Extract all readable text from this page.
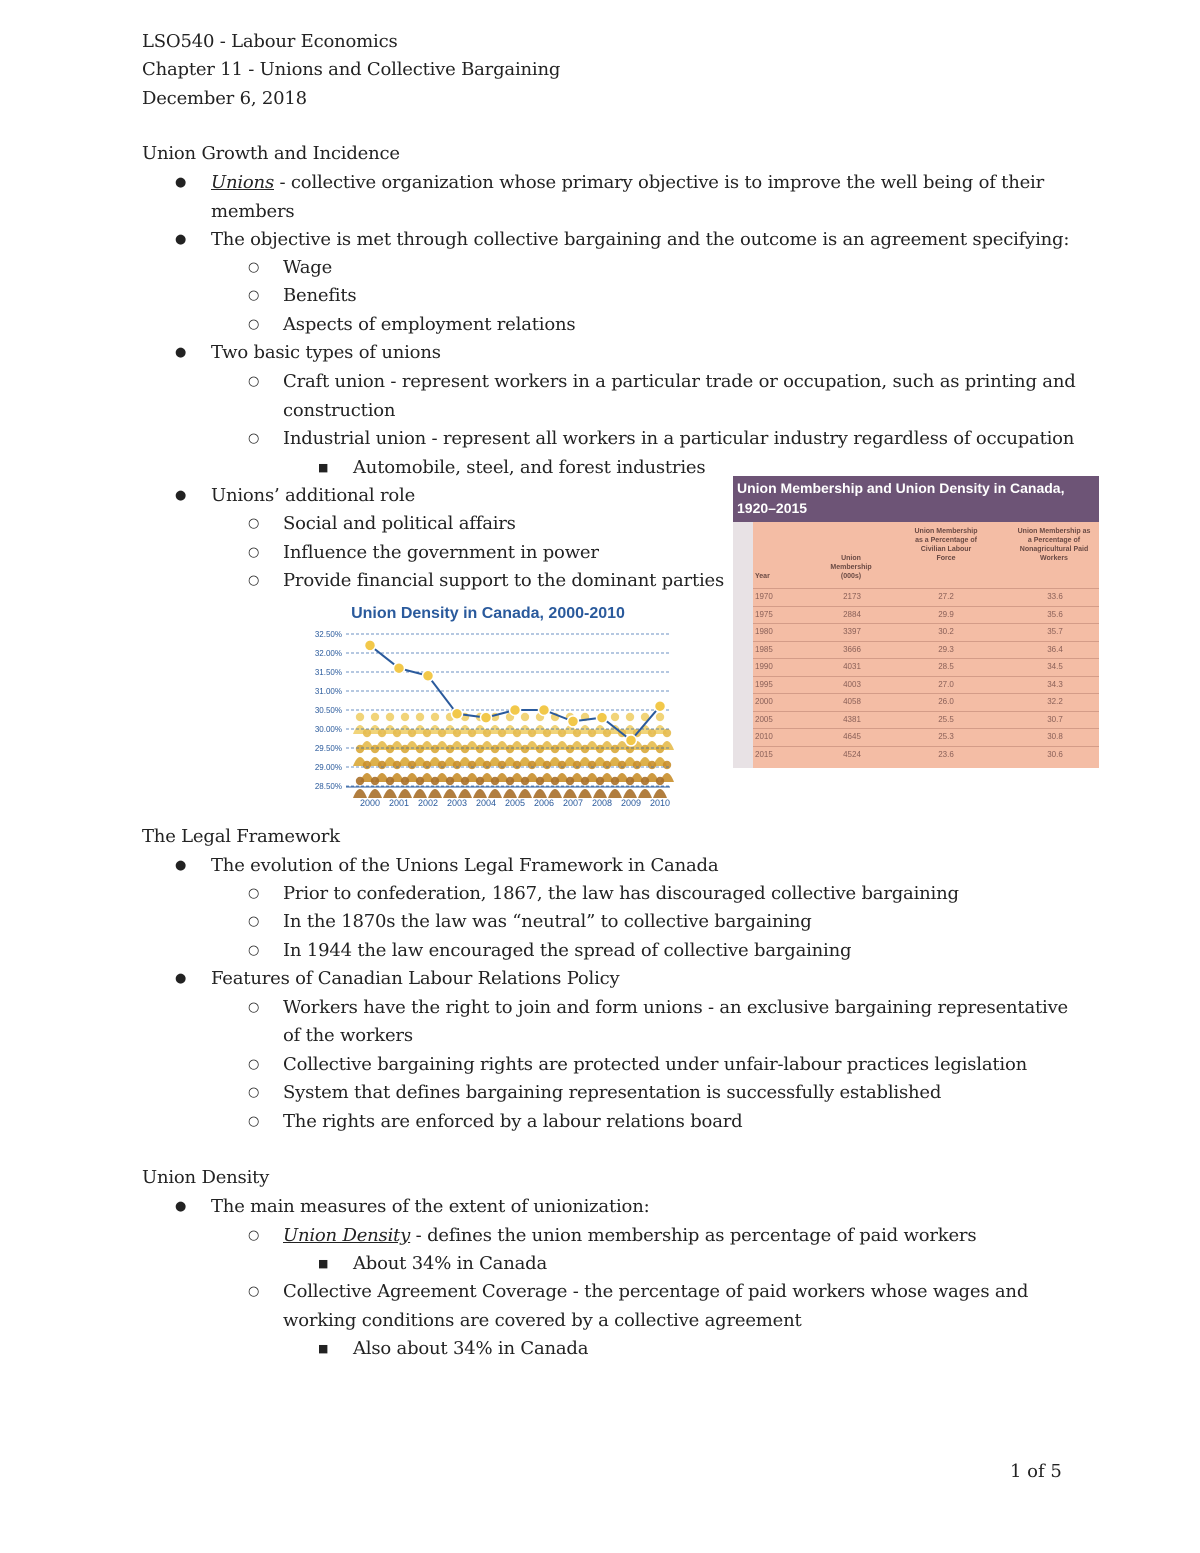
LSO540 - Labour Economics
Chapter 11 - Unions and Collective Bargaining
December 6, 2018
Union Growth and Incidence
● Unions - collective organization whose primary objective is to improve the well being of their
members
● The objective is met through collective bargaining and the outcome is an agreement specifying:
○ Wage
○ Benefits
○ Aspects of employment relations
● Two basic types of unions
○ Craft union - represent workers in a particular trade or occupation, such as printing and
construction
○ Industrial union - represent all workers in a particular industry regardless of occupation
■ Automobile, steel, and forest industries
● Unions’ additional role
○ Social and political affairs
○ Influence the government in power
○ Provide financial support to the dominant parties
Union Density in Canada, 2000-2010
32.50%
32.00%
31.50%
31.00%
30.50%
30.00%
29.50%
29.00%
28.50%
2000 2001 2002 2003 2004 2005 2006 2007 2008 2009 2010
Union Membership and Union Density in Canada, 1920–2015
Year
Union Membership (000s)
Union Membership as a Percentage of Civilian Labour Force
Union Membership as a Percentage of Nonagricultural Paid Workers
1970	2173	27.2	33.6
1975	2884	29.9	35.6
1980	3397	30.2	35.7
1985	3666	29.3	36.4
1990	4031	28.5	34.5
1995	4003	27.0	34.3
2000	4058	26.0	32.2
2005	4381	25.5	30.7
2010	4645	25.3	30.8
2015	4524	23.6	30.6
The Legal Framework
● The evolution of the Unions Legal Framework in Canada
○ Prior to confederation, 1867, the law has discouraged collective bargaining
○ In the 1870s the law was “neutral” to collective bargaining
○ In 1944 the law encouraged the spread of collective bargaining
● Features of Canadian Labour Relations Policy
○ Workers have the right to join and form unions - an exclusive bargaining representative
of the workers
○ Collective bargaining rights are protected under unfair-labour practices legislation
○ System that defines bargaining representation is successfully established
○ The rights are enforced by a labour relations board
Union Density
● The main measures of the extent of unionization:
○ Union Density - defines the union membership as percentage of paid workers
■ About 34% in Canada
○ Collective Agreement Coverage - the percentage of paid workers whose wages and
working conditions are covered by a collective agreement
■ Also about 34% in Canada
1 of 5
